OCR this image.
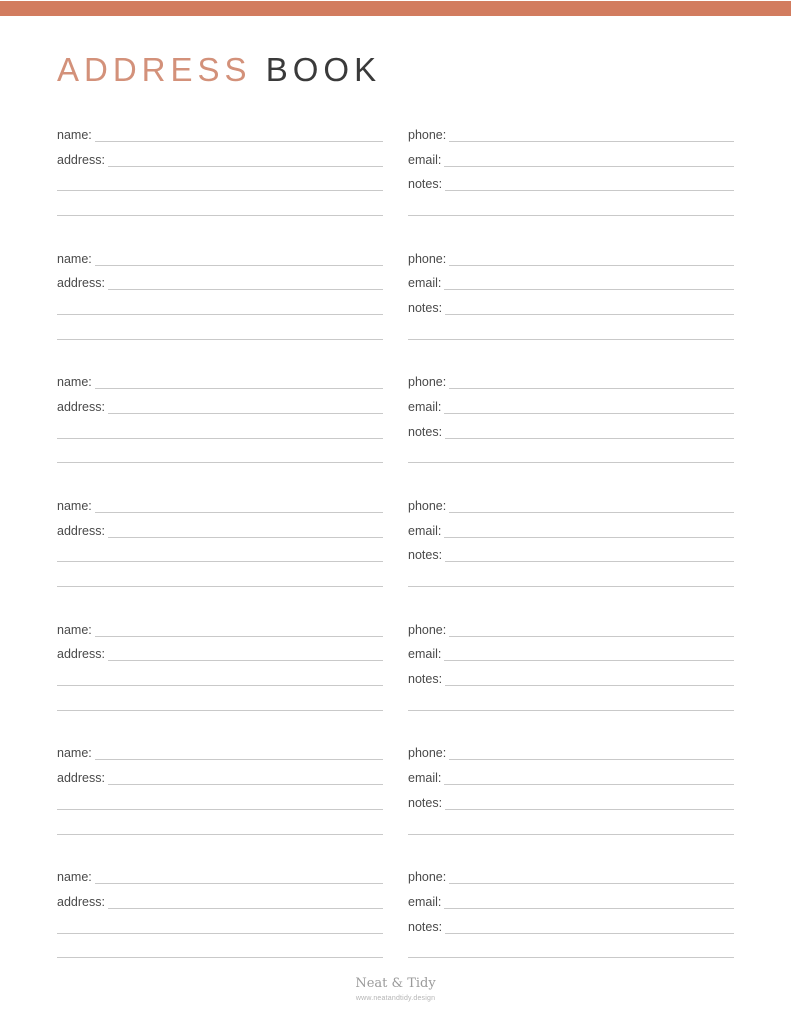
ADDRESS BOOK
name:
address:
phone:
email:
notes:
name:
address:
phone:
email:
notes:
name:
address:
phone:
email:
notes:
name:
address:
phone:
email:
notes:
name:
address:
phone:
email:
notes:
name:
address:
phone:
email:
notes:
name:
address:
phone:
email:
notes:
Neat & Tidy
www.neatandtidy.design
